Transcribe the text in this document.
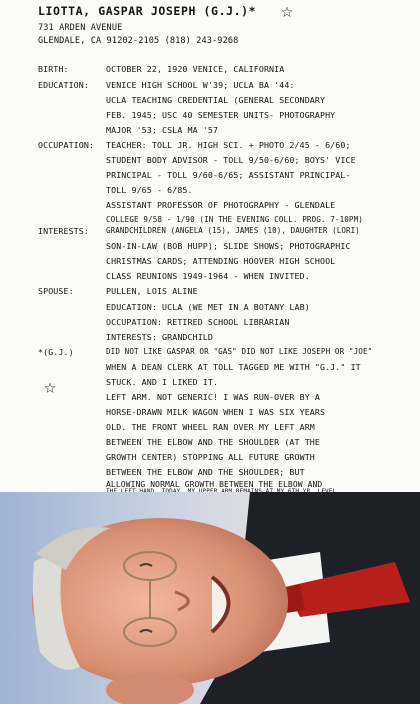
LIOTTA, GASPAR JOSEPH (G.J.)* ☆
731 ARDEN AVENUE
GLENDALE, CA 91202-2105 (818) 243-9268
BIRTH:	OCTOBER 22, 1920 VENICE, CALIFORNIA
EDUCATION: VENICE HIGH SCHOOL W'39; UCLA BA '44:
UCLA TEACHING CREDENTIAL (GENERAL SECONDARY
FEB. 1945; USC 40 SEMESTER UNITS- PHOTOGRAPHY
MAJOR '53; CSLA MA '57
OCCUPATION: TEACHER: TOLL JR. HIGH SCI. + PHOTO 2/45 - 6/60;
STUDENT BODY ADVISOR - TOLL 9/50-6/60; BOYS' VICE
PRINCIPAL - TOLL 9/60-6/65; ASSISTANT PRINCIPAL-
TOLL 9/65 - 6/85.
ASSISTANT PROFESSOR OF PHOTOGRAPHY - GLENDALE
COLLEGE 9/58 - 1/90 (IN THE EVENING COLL. PROG. 7-10PM)
INTERESTS: GRANDCHILDREN (ANGELA (15), JAMES (10), DAUGHTER (LORI)
SON-IN-LAW (BOB HUPP); SLIDE SHOWS; PHOTOGRAPHIC
CHRISTMAS CARDS; ATTENDING HOOVER HIGH SCHOOL
CLASS REUNIONS 1949-1964 - WHEN INVITED.
SPOUSE:	PULLEN, LOIS ALINE
EDUCATION: UCLA (WE MET IN A BOTANY LAB)
OCCUPATION: RETIRED SCHOOL LIBRARIAN
INTERESTS: GRANDCHILD
*(G.J.)	DID NOT LIKE GASPAR OR "GAS" DID NOT LIKE JOSEPH OR "JOE"
WHEN A DEAN CLERK AT TOLL TAGGED ME WITH "G.J." IT
STUCK. AND I LIKED IT.
☆	LEFT ARM. NOT GENERIC! I WAS RUN-OVER BY A
HORSE-DRAWN MILK WAGON WHEN I WAS SIX YEARS
OLD. THE FRONT WHEEL RAN OVER MY LEFT ARM
BETWEEN THE ELBOW AND THE SHOULDER (AT THE
GROWTH CENTER) STOPPING ALL FUTURE GROWTH
BETWEEN THE ELBOW AND THE SHOULDER; BUT
ALLOWING NORMAL GROWTH BETWEEN THE ELBOW AND
